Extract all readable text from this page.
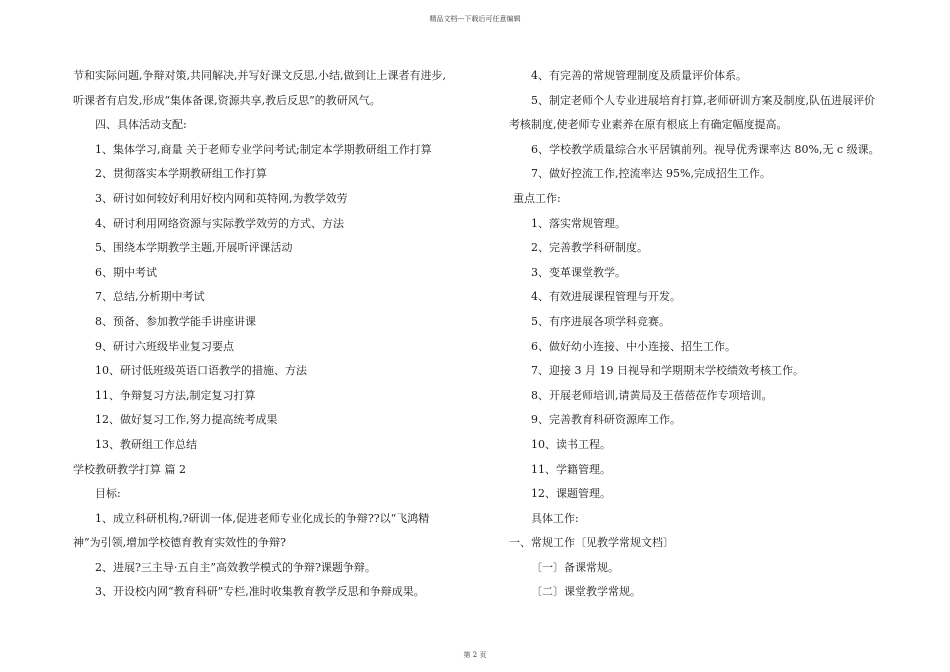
精品文档---下载后可任意编辑
节和实际问题,争辩对策,共同解决,并写好课文反思,小结,做到让上课者有进步,
听课者有启发,形成“集体备课,资源共享,教后反思”的教研风气。
四、具体活动支配:
1、集体学习,商量 关于老师专业学问考试;制定本学期教研组工作打算
2、贯彻落实本学期教研组工作打算
3、研讨如何较好利用好校内网和英特网,为教学效劳
4、研讨利用网络资源与实际教学效劳的方式、方法
5、围绕本学期教学主题,开展听评课活动
6、期中考试
7、总结,分析期中考试
8、预备、参加教学能手讲座讲课
9、研讨六班级毕业复习要点
10、研讨低班级英语口语教学的措施、方法
11、争辩复习方法,制定复习打算
12、做好复习工作,努力提高统考成果
13、教研组工作总结
学校教研教学打算 篇 2
目标:
1、成立科研机构,?研训一体,促进老师专业化成长的争辩??以“飞鸿精
神”为引领,增加学校德育教育实效性的争辩?
2、进展?三主导·五自主”高效教学模式的争辩?课题争辩。
3、开设校内网“教育科研”专栏,准时收集教育教学反思和争辩成果。
4、有完善的常规管理制度及质量评价体系。
5、制定老师个人专业进展培育打算,老师研训方案及制度,队伍进展评价
考核制度,使老师专业素养在原有根底上有确定幅度提高。
6、学校教学质量综合水平居镇前列。视导优秀课率达 80%,无 c 级课。
7、做好控流工作,控流率达 95%,完成招生工作。
重点工作:
1、落实常规管理。
2、完善教学科研制度。
3、变革课堂教学。
4、有效进展课程管理与开发。
5、有序进展各项学科竞赛。
6、做好幼小连接、中小连接、招生工作。
7、迎接 3 月 19 日视导和学期期末学校绩效考核工作。
8、开展老师培训,请黄局及王蓓蓓莅作专项培训。
9、完善教育科研资源库工作。
10、读书工程。
11、学籍管理。
12、课题管理。
具体工作:
一、常规工作〔见教学常规文档〕
〔一〕备课常规。
〔二〕课堂教学常规。
第 2 页
